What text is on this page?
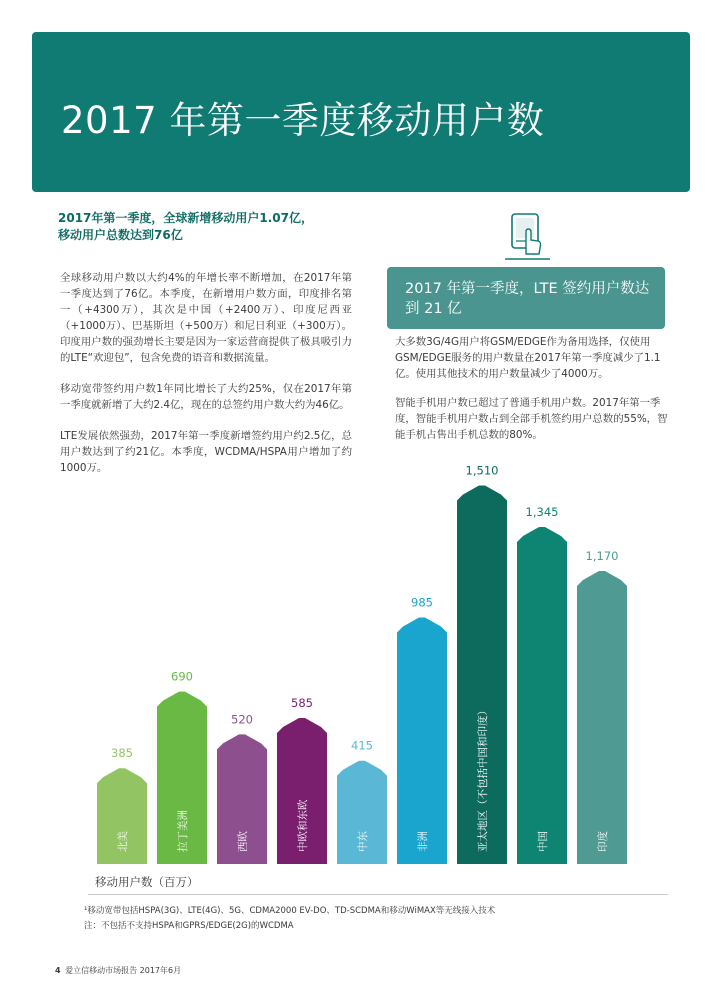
2017 年第一季度移动用户数
2017年第一季度，全球新增移动用户1.07亿，
移动用户总数达到76亿

全球移动用户数以大约4%的年增长率不断增加，在2017年第一季度达到了76亿。本季度，在新增用户数方面，印度排名第一（+4300万），其次是中国（+2400万）、印度尼西亚（+1000万）、巴基斯坦（+500万）和尼日利亚（+300万）。印度用户数的强劲增长主要是因为一家运营商提供了极具吸引力的LTE“欢迎包”，包含免费的语音和数据流量。

移动宽带签约用户数1年同比增长了大约25%，仅在2017年第一季度就新增了大约2.4亿，现在的总签约用户数大约为46亿。

LTE发展依然强劲，2017年第一季度新增签约用户约2.5亿，总用户数达到了约21亿。本季度，WCDMA/HSPA用户增加了约1000万。

2017 年第一季度，LTE 签约用户数达到 21 亿

大多数3G/4G用户将GSM/EDGE作为备用选择，仅使用GSM/EDGE服务的用户数量在2017年第一季度减少了1.1亿。使用其他技术的用户数量减少了4000万。

智能手机用户数已超过了普通手机用户数。2017年第一季度，智能手机用户数占到全部手机签约用户总数的55%，智能手机占售出手机总数的80%。

385
北美
690
拉丁美洲
520
西欧
585
中欧和东欧
415
中东
985
非洲
1,510
亚太地区（不包括中国和印度）
1,345
中国
1,170
印度
移动用户数（百万）
¹移动宽带包括HSPA(3G)、LTE(4G)、5G、CDMA2000 EV-DO、TD-SCDMA和移动WiMAX等无线接入技术
注：不包括不支持HSPA和GPRS/EDGE(2G)的WCDMA
4 爱立信移动市场报告 2017年6月
